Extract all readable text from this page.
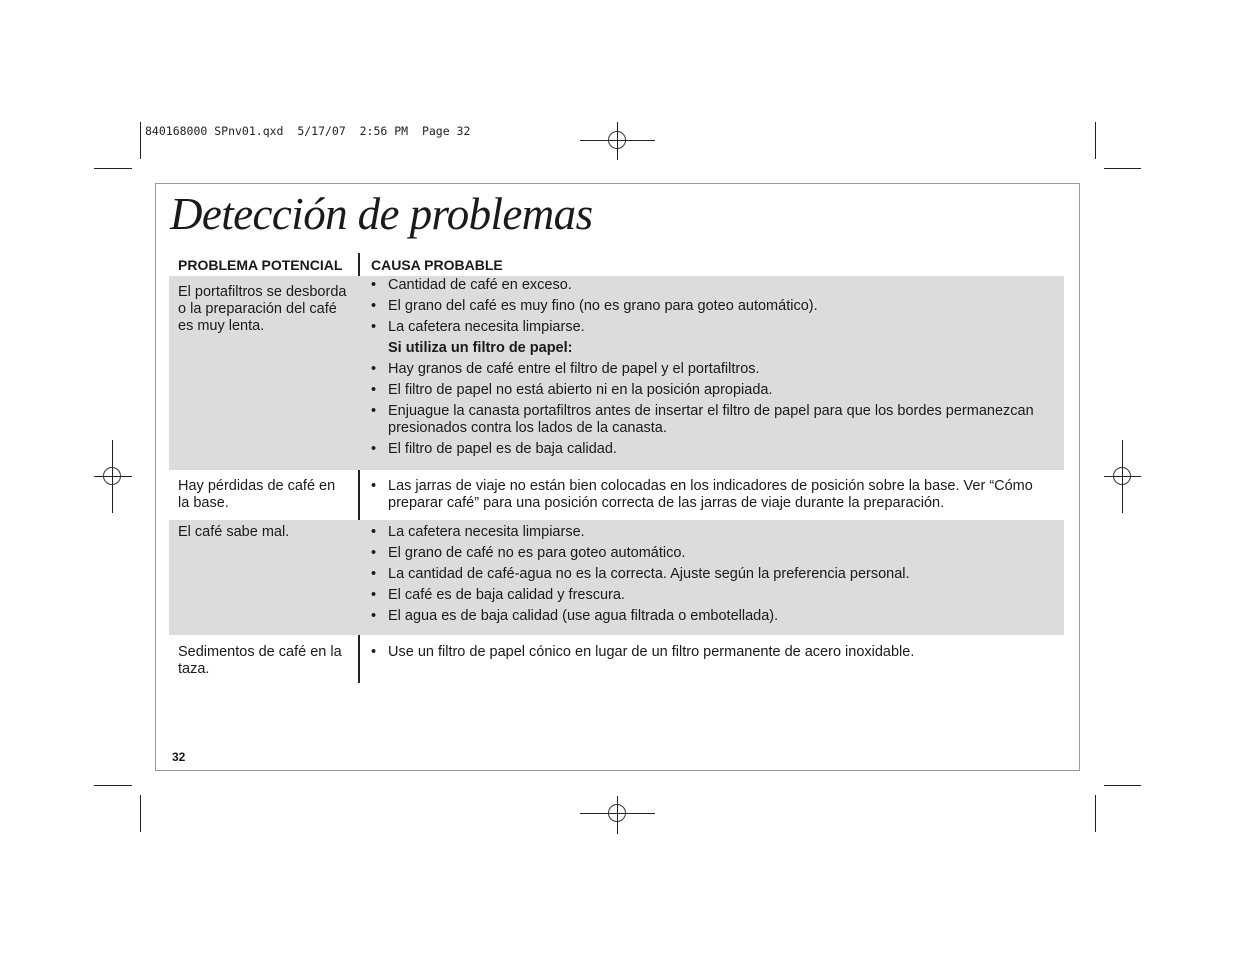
840168000 SPnv01.qxd  5/17/07  2:56 PM  Page 32
Detección de problemas
PROBLEMA POTENCIAL CAUSA PROBABLE
El portafiltros se desborda o la preparación del café es muy lenta.
• Cantidad de café en exceso.
• El grano del café es muy fino (no es grano para goteo automático).
• La cafetera necesita limpiarse.
Si utiliza un filtro de papel:
• Hay granos de café entre el filtro de papel y el portafiltros.
• El filtro de papel no está abierto ni en la posición apropiada.
• Enjuague la canasta portafiltros antes de insertar el filtro de papel para que los bordes permanezcan presionados contra los lados de la canasta.
• El filtro de papel es de baja calidad.
Hay pérdidas de café en la base.
• Las jarras de viaje no están bien colocadas en los indicadores de posición sobre la base. Ver “Cómo preparar café” para una posición correcta de las jarras de viaje durante la preparación.
El café sabe mal.
•	La cafetera necesita limpiarse.
• El grano de café no es para goteo automático.
• La cantidad de café-agua no es la correcta. Ajuste según la preferencia personal.
• El café es de baja calidad y frescura.
• El agua es de baja calidad (use agua filtrada o embotellada).
Sedimentos de café en la taza.
• Use un filtro de papel cónico en lugar de un filtro permanente de acero inoxidable.
32
